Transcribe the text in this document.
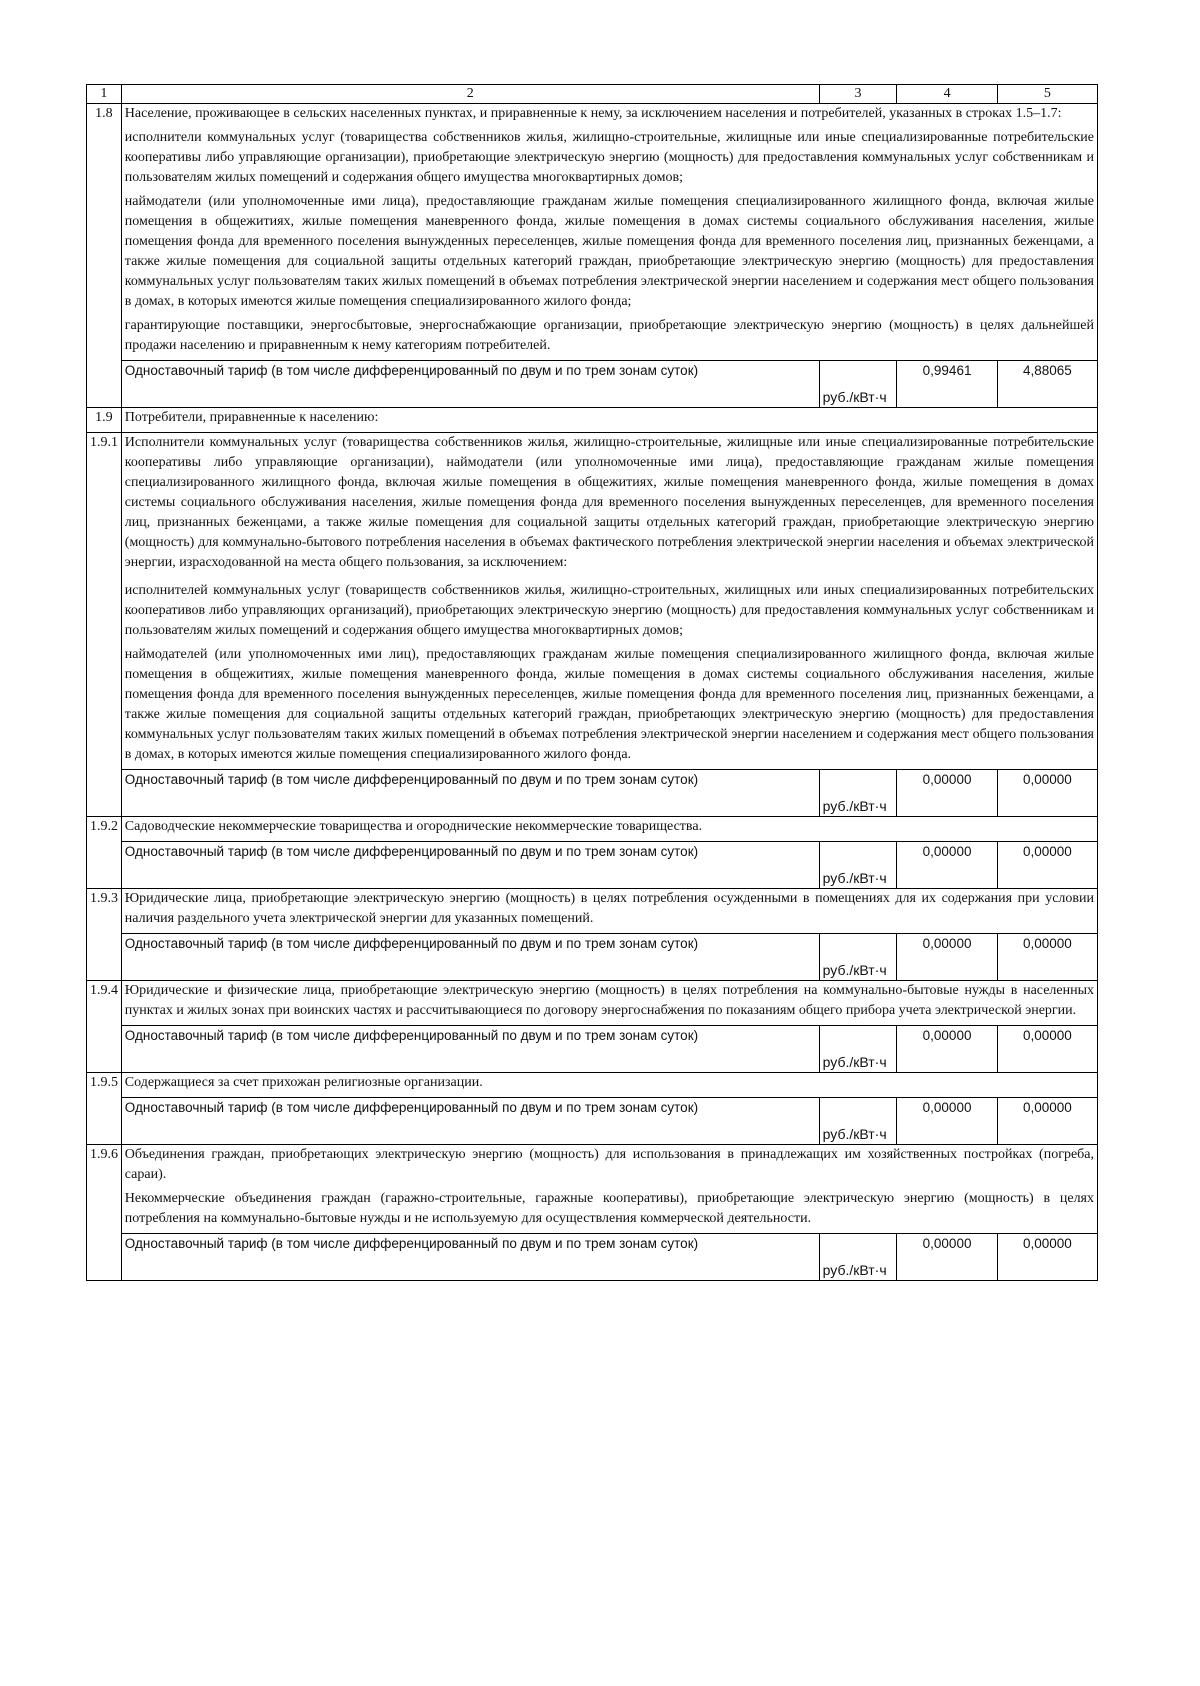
1	2	3	4	5
1.8	Население, проживающее в сельских населенных пунктах, и приравненные к нему, за исключением населения и потребителей, указанных в строках 1.5–1.7:
исполнители коммунальных услуг (товарищества собственников жилья, жилищно-строительные, жилищные или иные специализированные потребительские кооперативы либо управляющие организации), приобретающие электрическую энергию (мощность) для предоставления коммунальных услуг собственникам и пользователям жилых помещений и содержания общего имущества многоквартирных домов;
наймодатели (или уполномоченные ими лица), предоставляющие гражданам жилые помещения специализированного жилищного фонда, включая жилые помещения в общежитиях, жилые помещения маневренного фонда, жилые помещения в домах системы социального обслуживания населения, жилые помещения фонда для временного поселения вынужденных переселенцев, жилые помещения фонда для временного поселения лиц, признанных беженцами, а также жилые помещения для социальной защиты отдельных категорий граждан, приобретающие электрическую энергию (мощность) для предоставления коммунальных услуг пользователям таких жилых помещений в объемах потребления электрической энергии населением и содержания мест общего пользования в домах, в которых имеются жилые помещения специализированного жилого фонда;
гарантирующие поставщики, энергосбытовые, энергоснабжающие организации, приобретающие электрическую энергию (мощность) в целях дальнейшей продажи населению и приравненным к нему категориям потребителей.			

	Одноставочный тариф (в том числе дифференцированный по двум и по трем зонам суток)	руб./кВт·ч	0,99461	4,88065
1.9	Потребители, приравненные к населению:			

1.9.1	Исполнители коммунальных услуг (товарищества собственников жилья, жилищно-строительные, жилищные или иные специализированные потребительские кооперативы либо управляющие организации), наймодатели (или уполномоченные ими лица), предоставляющие гражданам жилые помещения специализированного жилищного фонда, включая жилые помещения в общежитиях, жилые помещения маневренного фонда, жилые помещения в домах системы социального обслуживания населения, жилые помещения фонда для временного поселения вынужденных переселенцев, для временного поселения лиц, признанных беженцами, а также жилые помещения для социальной защиты отдельных категорий граждан, приобретающие электрическую энергию (мощность) для коммунально-бытового потребления населения в объемах фактического потребления электрической энергии населения и объемах электрической энергии, израсходованной на места общего пользования, за исключением:
исполнителей коммунальных услуг (товариществ собственников жилья, жилищно-строительных, жилищных или иных специализированных потребительских кооперативов либо управляющих организаций), приобретающих электрическую энергию (мощность) для предоставления коммунальных услуг собственникам и пользователям жилых помещений и содержания общего имущества многоквартирных домов;
наймодателей (или уполномоченных ими лиц), предоставляющих гражданам жилые помещения специализированного жилищного фонда, включая жилые помещения в общежитиях, жилые помещения маневренного фонда, жилые помещения в домах системы социального обслуживания населения, жилые помещения фонда для временного поселения вынужденных переселенцев, жилые помещения фонда для временного поселения лиц, признанных беженцами, а также жилые помещения для социальной защиты отдельных категорий граждан, приобретающих электрическую энергию (мощность) для предоставления коммунальных услуг пользователям таких жилых помещений в объемах потребления электрической энергии населением и содержания мест общего пользования в домах, в которых имеются жилые помещения специализированного жилого фонда.			

	Одноставочный тариф (в том числе дифференцированный по двум и по трем зонам суток)	руб./кВт·ч	0,00000	0,00000
1.9.2	Садоводческие некоммерческие товарищества и огороднические некоммерческие товарищества.			

	Одноставочный тариф (в том числе дифференцированный по двум и по трем зонам суток)	руб./кВт·ч	0,00000	0,00000
1.9.3	Юридические лица, приобретающие электрическую энергию (мощность) в целях потребления осужденными в помещениях для их содержания при условии наличия раздельного учета электрической энергии для указанных помещений.			

	Одноставочный тариф (в том числе дифференцированный по двум и по трем зонам суток)	руб./кВт·ч	0,00000	0,00000
1.9.4	Юридические и физические лица, приобретающие электрическую энергию (мощность) в целях потребления на коммунально-бытовые нужды в населенных пунктах и жилых зонах при воинских частях и рассчитывающиеся по договору энергоснабжения по показаниям общего прибора учета электрической энергии.			

	Одноставочный тариф (в том числе дифференцированный по двум и по трем зонам суток)	руб./кВт·ч	0,00000	0,00000
1.9.5	Содержащиеся за счет прихожан религиозные организации.			

	Одноставочный тариф (в том числе дифференцированный по двум и по трем зонам суток)	руб./кВт·ч	0,00000	0,00000
1.9.6	Объединения граждан, приобретающих электрическую энергию (мощность) для использования в принадлежащих им хозяйственных постройках (погреба, сараи).
Некоммерческие объединения граждан (гаражно-строительные, гаражные кооперативы), приобретающие электрическую энергию (мощность) в целях потребления на коммунально-бытовые нужды и не используемую для осуществления коммерческой деятельности.			

	Одноставочный тариф (в том числе дифференцированный по двум и по трем зонам суток)	руб./кВт·ч	0,00000	0,00000
